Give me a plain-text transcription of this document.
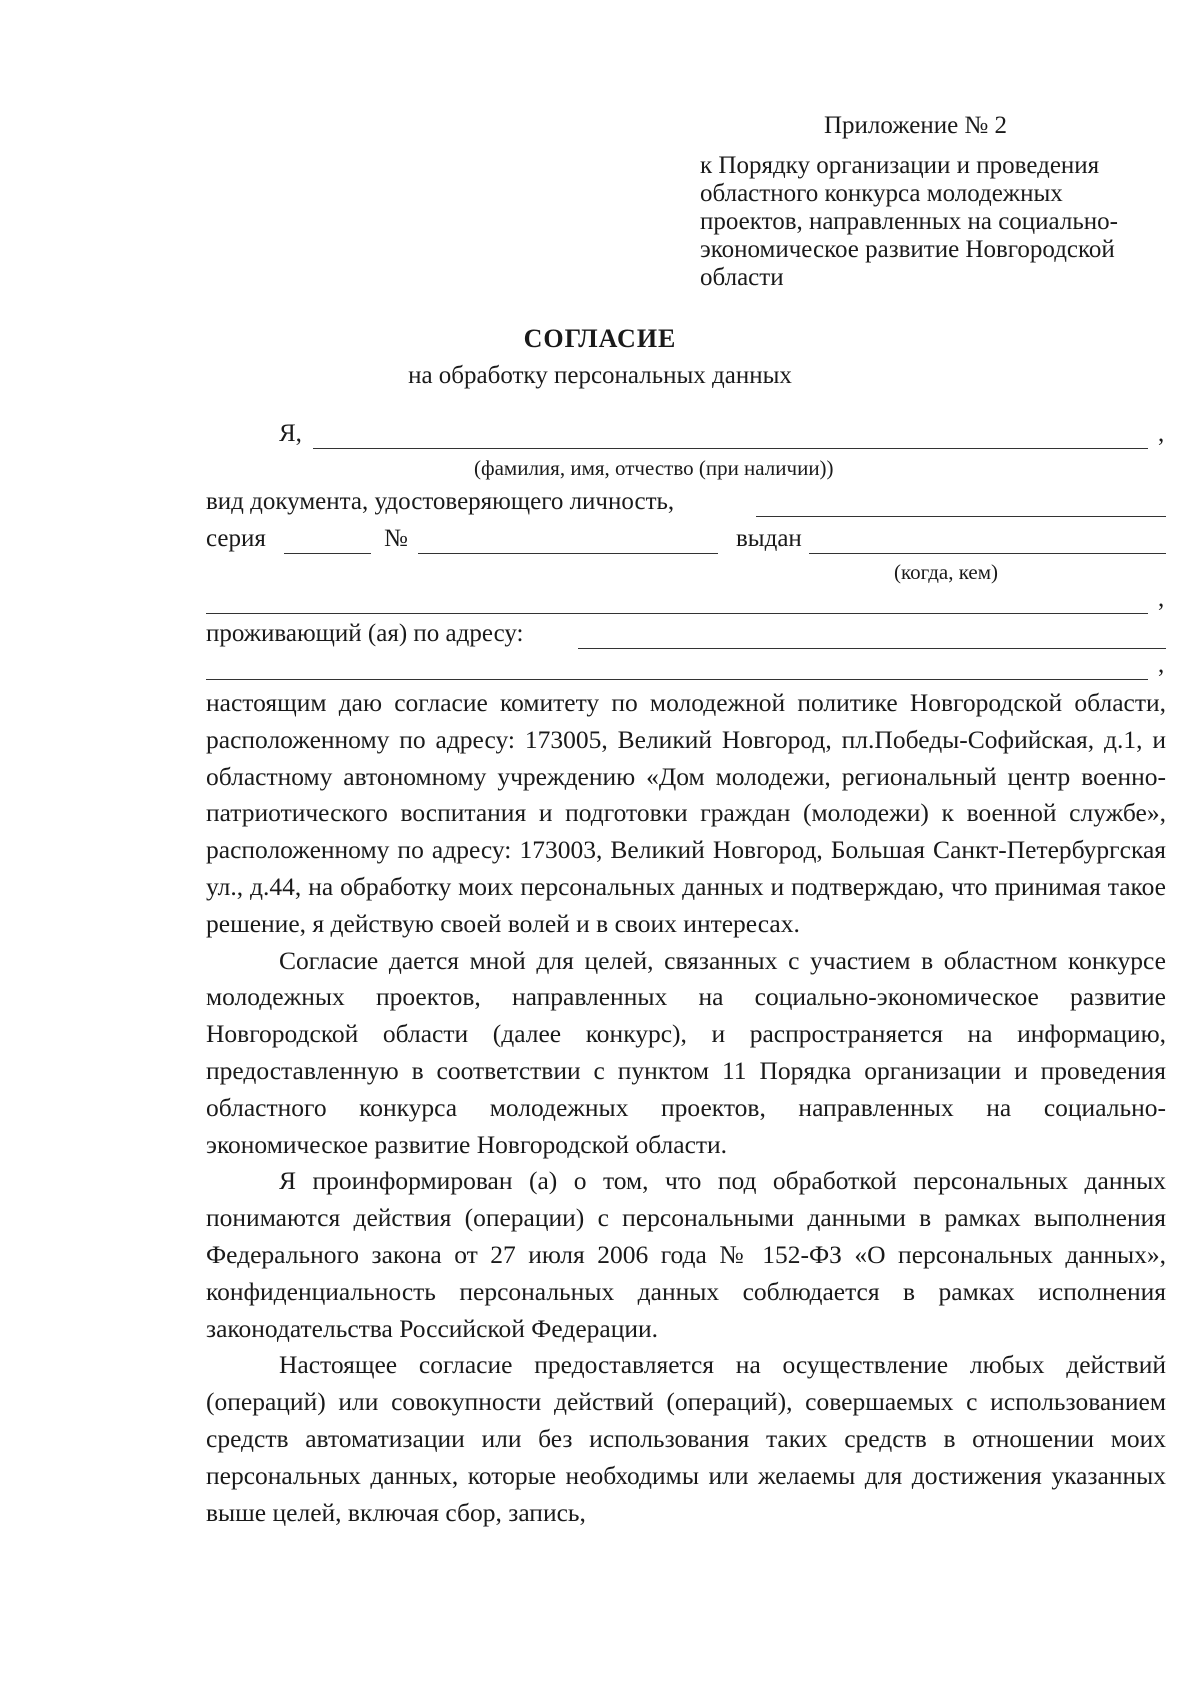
Приложение № 2
к Порядку организации и проведения
областного конкурса молодежных
проектов, направленных на социально-
экономическое развитие Новгородской
области
СОГЛАСИЕ
на обработку персональных данных
Я,	,
(фамилия, имя, отчество (при наличии))
вид документа, удостоверяющего личность,
серия	№	выдан
(когда, кем)
,
проживающий (ая) по адресу:
,

настоящим даю согласие комитету по молодежной политике Новгородской области, расположенному по адресу: 173005, Великий Новгород, пл.Победы-Софийская, д.1, и областному автономному учреждению «Дом молодежи, региональный центр военно-патриотического воспитания и подготовки граждан (молодежи) к военной службе», расположенному по адресу: 173003, Великий Новгород, Большая Санкт-Петербургская ул., д.44, на обработку моих персональных данных и подтверждаю, что принимая такое решение, я действую своей волей и в своих интересах.

Согласие дается мной для целей, связанных с участием в областном конкурсе молодежных проектов, направленных на социально-экономическое развитие Новгородской области (далее конкурс), и распространяется на информацию, предоставленную в соответствии с пунктом 11 Порядка организации и проведения областного конкурса молодежных проектов, направленных на социально-экономическое развитие Новгородской области.

Я проинформирован (а) о том, что под обработкой персональных данных понимаются действия (операции) с персональными данными в рамках выполнения Федерального закона от 27 июля 2006 года № 152-ФЗ «О персональных данных», конфиденциальность персональных данных соблюдается в рамках исполнения законодательства Российской Федерации.

Настоящее согласие предоставляется на осуществление любых действий (операций) или совокупности действий (операций), совершаемых с использованием средств автоматизации или без использования таких средств в отношении моих персональных данных, которые необходимы или желаемы для достижения указанных выше целей, включая сбор, запись,
